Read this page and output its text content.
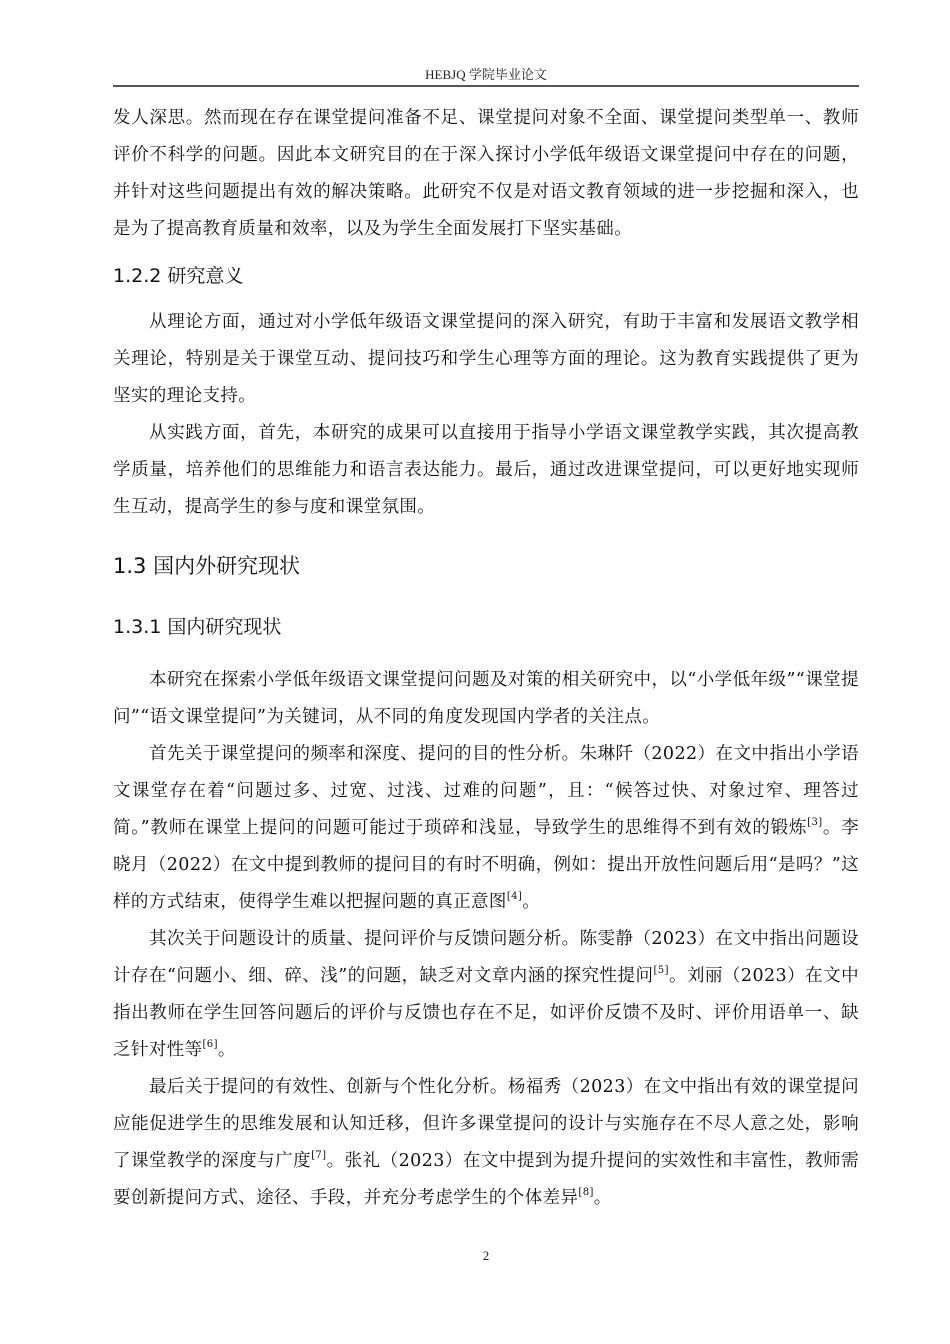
HEBJQ 学院毕业论文

发人深思。然而现在存在课堂提问准备不足、课堂提问对象不全面、课堂提问类型单一、教师评价不科学的问题。因此本文研究目的在于深入探讨小学低年级语文课堂提问中存在的问题，并针对这些问题提出有效的解决策略。此研究不仅是对语文教育领域的进一步挖掘和深入，也是为了提高教育质量和效率，以及为学生全面发展打下坚实基础。

1.2.2 研究意义

从理论方面，通过对小学低年级语文课堂提问的深入研究，有助于丰富和发展语文教学相关理论，特别是关于课堂互动、提问技巧和学生心理等方面的理论。这为教育实践提供了更为坚实的理论支持。

从实践方面，首先，本研究的成果可以直接用于指导小学语文课堂教学实践，其次提高教学质量，培养他们的思维能力和语言表达能力。最后，通过改进课堂提问，可以更好地实现师生互动，提高学生的参与度和课堂氛围。

1.3 国内外研究现状
1.3.1 国内研究现状

本研究在探索小学低年级语文课堂提问问题及对策的相关研究中，以“小学低年级”“课堂提问”“语文课堂提问”为关键词，从不同的角度发现国内学者的关注点。

首先关于课堂提问的频率和深度、提问的目的性分析。朱琳阡（2022）在文中指出小学语文课堂存在着“问题过多、过宽、过浅、过难的问题”，且：“候答过快、对象过窄、理答过简。”教师在课堂上提问的问题可能过于琐碎和浅显，导致学生的思维得不到有效的锻炼[3]。李晓月（2022）在文中提到教师的提问目的有时不明确，例如：提出开放性问题后用“是吗？”这样的方式结束，使得学生难以把握问题的真正意图[4]。

其次关于问题设计的质量、提问评价与反馈问题分析。陈雯静（2023）在文中指出问题设计存在“问题小、细、碎、浅”的问题，缺乏对文章内涵的探究性提问[5]。刘丽（2023）在文中指出教师在学生回答问题后的评价与反馈也存在不足，如评价反馈不及时、评价用语单一、缺乏针对性等[6]。

最后关于提问的有效性、创新与个性化分析。杨福秀（2023）在文中指出有效的课堂提问应能促进学生的思维发展和认知迁移，但许多课堂提问的设计与实施存在不尽人意之处，影响了课堂教学的深度与广度[7]。张礼（2023）在文中提到为提升提问的实效性和丰富性，教师需要创新提问方式、途径、手段，并充分考虑学生的个体差异[8]。

2
